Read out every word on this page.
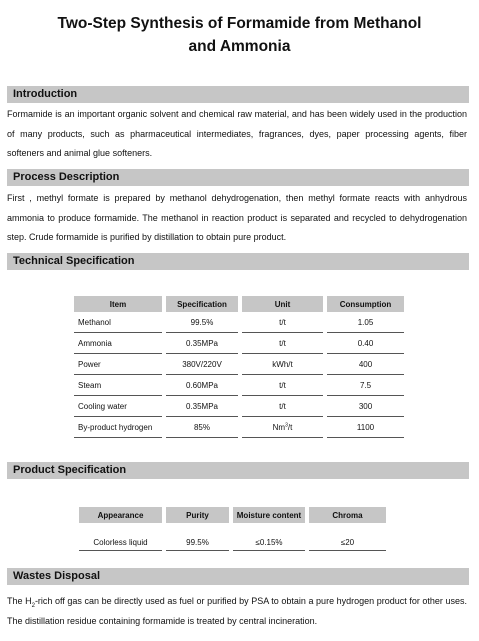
Two-Step Synthesis of Formamide from Methanol
and Ammonia
Introduction
Formamide is an important organic solvent and chemical raw material, and has been widely used in the production of many products, such as pharmaceutical intermediates, fragrances, dyes, paper processing agents, fiber softeners and animal glue softeners.
Process Description
First , methyl formate is prepared by methanol dehydrogenation, then methyl formate reacts with anhydrous ammonia to produce formamide. The methanol in reaction product is separated and recycled to dehydrogenation step. Crude formamide is purified by distillation to obtain pure product.
Technical Specification
Item	Specification	Unit	Consumption
Methanol	99.5%	t/t	1.05
Ammonia	0.35MPa	t/t	0.40
Power	380V/220V	kWh/t	400
Steam	0.60MPa	t/t	7.5
Cooling water	0.35MPa	t/t	300
By-product hydrogen	85%	Nm$^3$/t	1100
Product Specification
Appearance	Purity	Moisture content	Chroma
Colorless liquid	99.5%	≤0.15%	≤20
Wastes Disposal
The $H_2$-rich off gas can be directly used as fuel or purified by PSA to obtain a pure hydrogen product for other uses. The distillation residue containing formamide is treated by central incineration.
